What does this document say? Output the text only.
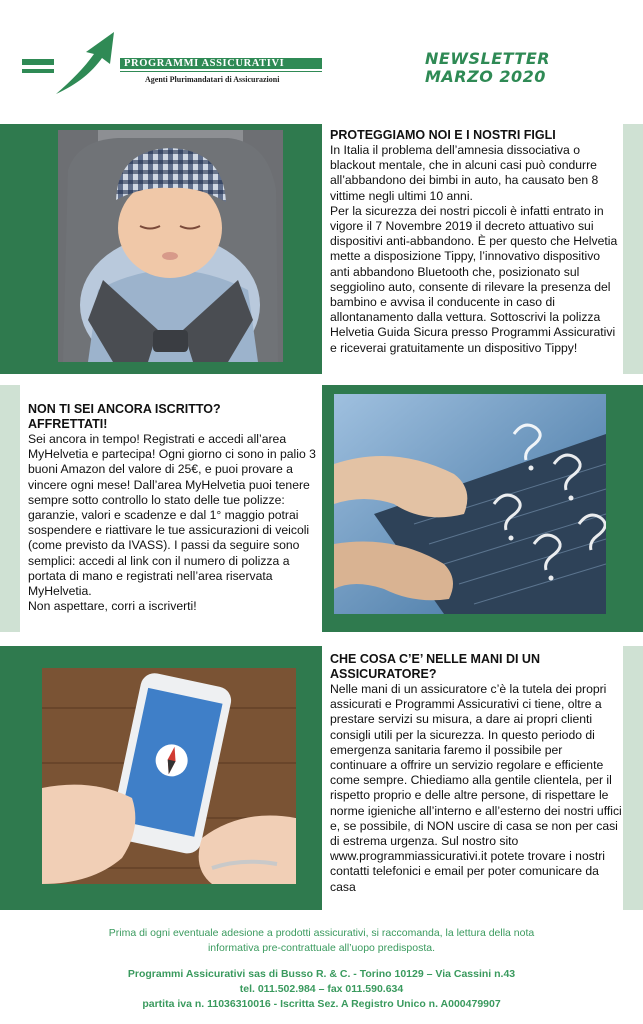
PROGRAMMI ASSICURATIVI
Agenti Plurimandatari di Assicurazioni
NEWSLETTER
MARZO 2020
PROTEGGIAMO NOI E I NOSTRI FIGLI

In Italia il problema dell’amnesia dissociativa o blackout mentale, che in alcuni casi può condurre all’abbandono dei bimbi in auto, ha causato ben 8 vittime negli ultimi 10 anni.

Per la sicurezza dei nostri piccoli è infatti entrato in vigore il 7 Novembre 2019 il decreto attuativo sui dispositivi anti-abbandono. È per questo che Helvetia mette a disposizione Tippy, l’innovativo dispositivo anti abbandono Bluetooth che, posizionato sul seggiolino auto, consente di rilevare la presenza del bambino e avvisa il conducente in caso di allontanamento dalla vettura. Sottoscrivi la polizza Helvetia Guida Sicura presso Programmi Assicurativi e riceverai gratuitamente un dispositivo Tippy!

NON TI SEI ANCORA ISCRITTO?
AFFRETTATI!

Sei ancora in tempo! Registrati e accedi all’area MyHelvetia e partecipa! Ogni giorno ci sono in palio 3 buoni Amazon del valore di 25€, e puoi provare a vincere ogni mese! Dall’area MyHelvetia puoi tenere sempre sotto controllo lo stato delle tue polizze: garanzie, valori e scadenze e dal 1° maggio potrai sospendere e riattivare le tue assicurazioni di veicoli (come previsto da IVASS). I passi da seguire sono semplici: accedi al link con il numero di polizza a portata di mano e registrati nell’area riservata MyHelvetia.

Non aspettare, corri a iscriverti!

CHE COSA C’E’ NELLE MANI DI UN
ASSICURATORE?

Nelle mani di un assicuratore c’è la tutela dei propri assicurati e Programmi Assicurativi ci tiene, oltre a prestare servizi su misura, a dare ai propri clienti consigli utili per la sicurezza. In questo periodo di emergenza sanitaria faremo il possibile per continuare a offrire un servizio regolare e efficiente come sempre. Chiediamo alla gentile clientela, per il rispetto proprio e delle altre persone, di rispettare le norme igieniche all’interno e all’esterno dei nostri uffici e, se possibile, di NON uscire di casa se non per casi di estrema urgenza. Sul nostro sito www.programmiassicurativi.it potete trovare i nostri contatti telefonici e email per poter comunicare da casa

Prima di ogni eventuale adesione a prodotti assicurativi, si raccomanda, la lettura della nota
informativa pre-contrattuale all’uopo predisposta.
Programmi Assicurativi sas di Busso R. & C. - Torino 10129 – Via Cassini n.43
tel. 011.502.984 – fax 011.590.634
partita iva n. 11036310016 - Iscritta Sez. A Registro Unico n. A000479907
